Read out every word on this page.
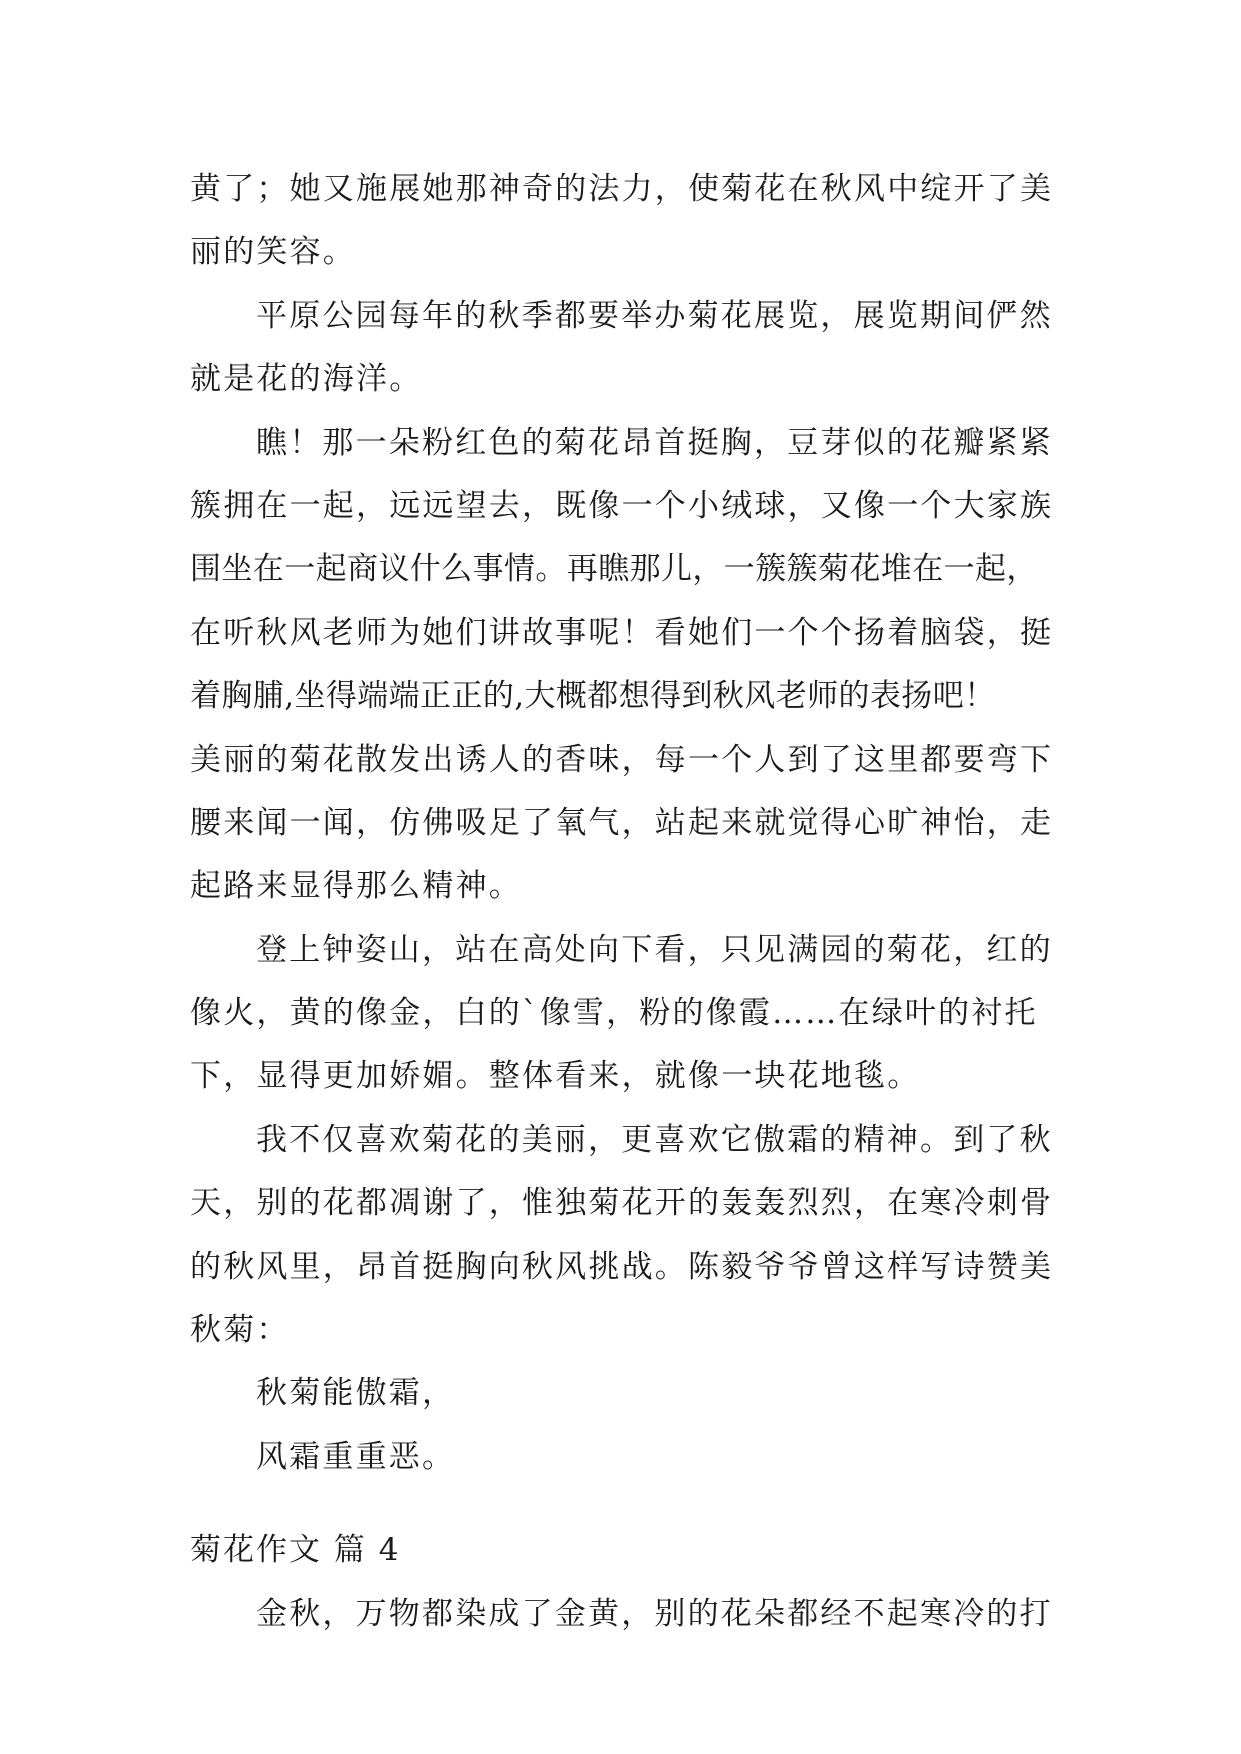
黄了；她又施展她那神奇的法力，使菊花在秋风中绽开了美
丽的笑容。
平原公园每年的秋季都要举办菊花展览，展览期间俨然
就是花的海洋。
瞧！那一朵粉红色的菊花昂首挺胸，豆芽似的花瓣紧紧
簇拥在一起，远远望去，既像一个小绒球，又像一个大家族
围坐在一起商议什么事情。再瞧那儿，一簇簇菊花堆在一起，
在听秋风老师为她们讲故事呢！看她们一个个扬着脑袋，挺
着胸脯,坐得端端正正的,大概都想得到秋风老师的表扬吧！
美丽的菊花散发出诱人的香味，每一个人到了这里都要弯下
腰来闻一闻，仿佛吸足了氧气，站起来就觉得心旷神怡，走
起路来显得那么精神。
登上钟姿山，站在高处向下看，只见满园的菊花，红的
像火，黄的像金，白的`像雪，粉的像霞……在绿叶的衬托
下，显得更加娇媚。整体看来，就像一块花地毯。
我不仅喜欢菊花的美丽，更喜欢它傲霜的精神。到了秋
天，别的花都凋谢了，惟独菊花开的轰轰烈烈，在寒冷刺骨
的秋风里，昂首挺胸向秋风挑战。陈毅爷爷曾这样写诗赞美
秋菊：
秋菊能傲霜，
风霜重重恶。
菊花作文 篇 4
金秋，万物都染成了金黄，别的花朵都经不起寒冷的打
